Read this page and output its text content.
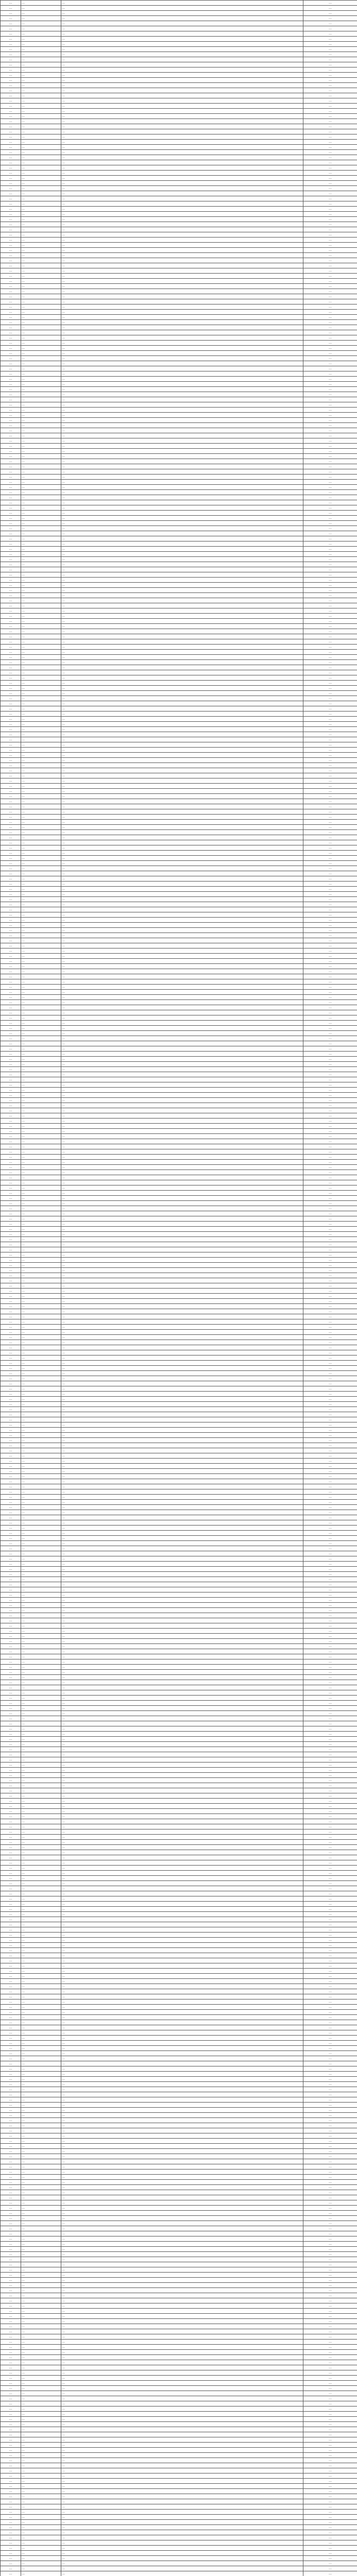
…	…	…	…

…	…	…	…

…	…	…	…

…	…	…	…

…	…	…	…

…	…	…	…

…	…	…	…

…	…	…	…

…	…	…	…

…	…	…	…

…	…	…	…

…	…	…	…

…	…	…	…

…	…	…	…

…	…	…	…

…	…	…	…

…	…	…	…

…	…	…	…

…	…	…	…

…	…	…	…

…	…	…	…

…	…	…	…

…	…	…	…

…	…	…	…

…	…	…	…

…	…	…	…

…	…	…	…

…	…	…	…

…	…	…	…

…	…	…	…

…	…	…	…

…	…	…	…

…	…	…	…

…	…	…	…

…	…	…	…

…	…	…	…

…	…	…	…

…	…	…	…

…	…	…	…

…	…	…	…

…	…	…	…

…	…	…	…

…	…	…	…

…	…	…	…

…	…	…	…

…	…	…	…

…	…	…	…

…	…	…	…

…	…	…	…

…	…	…	…

…	…	…	…

…	…	…	…

…	…	…	…

…	…	…	…

…	…	…	…

…	…	…	…

…	…	…	…

…	…	…	…

…	…	…	…

…	…	…	…

…	…	…	…

…	…	…	…

…	…	…	…

…	…	…	…

…	…	…	…

…	…	…	…

…	…	…	…

…	…	…	…

…	…	…	…

…	…	…	…

…	…	…	…

…	…	…	…

…	…	…	…

…	…	…	…

…	…	…	…

…	…	…	…

…	…	…	…

…	…	…	…

…	…	…	…

…	…	…	…

…	…	…	…

…	…	…	…

…	…	…	…

…	…	…	…

…	…	…	…

…	…	…	…

…	…	…	…

…	…	…	…

…	…	…	…

…	…	…	…

…	…	…	…

…	…	…	…

…	…	…	…

…	…	…	…

…	…	…	…

…	…	…	…

…	…	…	…

…	…	…	…

…	…	…	…

…	…	…	…

…	…	…	…

…	…	…	…

…	…	…	…

…	…	…	…

…	…	…	…

…	…	…	…

…	…	…	…

…	…	…	…

…	…	…	…

…	…	…	…

…	…	…	…

…	…	…	…

…	…	…	…

…	…	…	…

…	…	…	…

…	…	…	…

…	…	…	…

…	…	…	…

…	…	…	…

…	…	…	…

…	…	…	…

…	…	…	…

…	…	…	…

…	…	…	…

…	…	…	…

…	…	…	…

…	…	…	…

…	…	…	…

…	…	…	…

…	…	…	…

…	…	…	…

…	…	…	…

…	…	…	…

…	…	…	…

…	…	…	…

…	…	…	…

…	…	…	…

…	…	…	…

…	…	…	…

…	…	…	…

…	…	…	…

…	…	…	…

…	…	…	…

…	…	…	…

…	…	…	…

…	…	…	…

…	…	…	…

…	…	…	…

…	…	…	…

…	…	…	…

…	…	…	…

…	…	…	…

…	…	…	…

…	…	…	…

…	…	…	…

…	…	…	…

…	…	…	…

…	…	…	…

…	…	…	…

…	…	…	…

…	…	…	…

…	…	…	…

…	…	…	…

…	…	…	…

…	…	…	…

…	…	…	…

…	…	…	…

…	…	…	…

…	…	…	…

…	…	…	…

…	…	…	…

…	…	…	…

…	…	…	…

…	…	…	…

…	…	…	…

…	…	…	…

…	…	…	…

…	…	…	…

…	…	…	…

…	…	…	…

…	…	…	…

…	…	…	…

…	…	…	…

…	…	…	…

…	…	…	…

…	…	…	…

…	…	…	…

…	…	…	…

…	…	…	…

…	…	…	…

…	…	…	…

…	…	…	…

…	…	…	…

…	…	…	…

…	…	…	…

…	…	…	…

…	…	…	…

…	…	…	…

…	…	…	…

…	…	…	…

…	…	…	…

…	…	…	…

…	…	…	…

…	…	…	…

…	…	…	…

…	…	…	…

…	…	…	…

…	…	…	…

…	…	…	…

…	…	…	…

…	…	…	…

…	…	…	…

…	…	…	…

…	…	…	…

…	…	…	…

…	…	…	…

…	…	…	…

…	…	…	…

…	…	…	…

…	…	…	…

…	…	…	…

…	…	…	…

…	…	…	…

…	…	…	…

…	…	…	…

…	…	…	…

…	…	…	…

…	…	…	…

…	…	…	…

…	…	…	…

…	…	…	…

…	…	…	…

…	…	…	…

…	…	…	…

…	…	…	…

…	…	…	…

…	…	…	…

…	…	…	…

…	…	…	…

…	…	…	…

…	…	…	…

…	…	…	…

…	…	…	…

…	…	…	…

…	…	…	…

…	…	…	…

…	…	…	…

…	…	…	…

…	…	…	…

…	…	…	…

…	…	…	…

…	…	…	…

…	…	…	…

…	…	…	…

…	…	…	…

…	…	…	…

…	…	…	…

…	…	…	…

…	…	…	…

…	…	…	…

…	…	…	…

…	…	…	…

…	…	…	…

…	…	…	…

…	…	…	…

…	…	…	…

…	…	…	…

…	…	…	…

…	…	…	…

…	…	…	…

…	…	…	…

…	…	…	…

…	…	…	…

…	…	…	…

…	…	…	…

…	…	…	…

…	…	…	…

…	…	…	…

…	…	…	…

…	…	…	…

…	…	…	…

…	…	…	…

…	…	…	…

…	…	…	…

…	…	…	…

…	…	…	…

…	…	…	…

…	…	…	…

…	…	…	…

…	…	…	…

…	…	…	…

…	…	…	…

…	…	…	…

…	…	…	…

…	…	…	…

…	…	…	…

…	…	…	…

…	…	…	…

…	…	…	…

…	…	…	…

…	…	…	…

…	…	…	…

…	…	…	…

…	…	…	…

…	…	…	…

…	…	…	…

…	…	…	…

…	…	…	…

…	…	…	…

…	…	…	…

…	…	…	…

…	…	…	…

…	…	…	…

…	…	…	…

…	…	…	…

…	…	…	…

…	…	…	…

…	…	…	…

…	…	…	…

…	…	…	…

…	…	…	…

…	…	…	…

…	…	…	…

…	…	…	…

…	…	…	…

…	…	…	…

…	…	…	…

…	…	…	…

…	…	…	…

…	…	…	…

…	…	…	…

…	…	…	…

…	…	…	…

…	…	…	…

…	…	…	…

…	…	…	…

…	…	…	…

…	…	…	…

…	…	…	…

…	…	…	…

…	…	…	…

…	…	…	…

…	…	…	…

…	…	…	…

…	…	…	…

…	…	…	…

…	…	…	…

…	…	…	…

…	…	…	…

…	…	…	…

…	…	…	…

…	…	…	…

…	…	…	…

…	…	…	…

…	…	…	…

…	…	…	…

…	…	…	…

…	…	…	…

…	…	…	…

…	…	…	…

…	…	…	…

…	…	…	…

…	…	…	…

…	…	…	…

…	…	…	…

…	…	…	…

…	…	…	…

…	…	…	…

…	…	…	…

…	…	…	…

…	…	…	…

…	…	…	…

…	…	…	…

…	…	…	…

…	…	…	…

…	…	…	…

…	…	…	…

…	…	…	…

…	…	…	…

…	…	…	…

…	…	…	…

…	…	…	…

…	…	…	…

…	…	…	…

…	…	…	…

…	…	…	…

…	…	…	…

…	…	…	…

…	…	…	…

…	…	…	…

…	…	…	…

…	…	…	…

…	…	…	…

…	…	…	…

…	…	…	…

…	…	…	…

…	…	…	…

…	…	…	…

…	…	…	…

…	…	…	…

…	…	…	…

…	…	…	…

…	…	…	…

…	…	…	…

…	…	…	…

…	…	…	…

…	…	…	…

…	…	…	…

…	…	…	…

…	…	…	…

…	…	…	…

…	…	…	…

…	…	…	…

…	…	…	…

…	…	…	…

…	…	…	…

…	…	…	…

…	…	…	…

…	…	…	…

…	…	…	…

…	…	…	…

…	…	…	…

…	…	…	…

…	…	…	…

…	…	…	…

…	…	…	…

…	…	…	…

…	…	…	…

…	…	…	…

…	…	…	…

…	…	…	…

…	…	…	…

…	…	…	…

…	…	…	…

…	…	…	…

…	…	…	…

…	…	…	…

…	…	…	…

…	…	…	…

…	…	…	…

…	…	…	…

…	…	…	…

…	…	…	…

…	…	…	…

…	…	…	…

…	…	…	…

…	…	…	…

…	…	…	…

…	…	…	…

…	…	…	…

…	…	…	…

…	…	…	…

…	…	…	…

…	…	…	…

…	…	…	…

…	…	…	…

…	…	…	…

…	…	…	…

…	…	…	…

…	…	…	…

…	…	…	…

…	…	…	…

…	…	…	…

…	…	…	…

…	…	…	…

…	…	…	…

…	…	…	…

…	…	…	…

…	…	…	…

…	…	…	…

…	…	…	…

…	…	…	…

…	…	…	…

…	…	…	…

…	…	…	…

…	…	…	…

…	…	…	…

…	…	…	…

…	…	…	…

…	…	…	…

…	…	…	…

…	…	…	…

…	…	…	…

…	…	…	…

…	…	…	…

…	…	…	…

…	…	…	…

…	…	…	…

…	…	…	…

…	…	…	…

…	…	…	…

…	…	…	…

…	…	…	…

…	…	…	…

…	…	…	…

…	…	…	…

…	…	…	…

…	…	…	…

…	…	…	…

…	…	…	…
